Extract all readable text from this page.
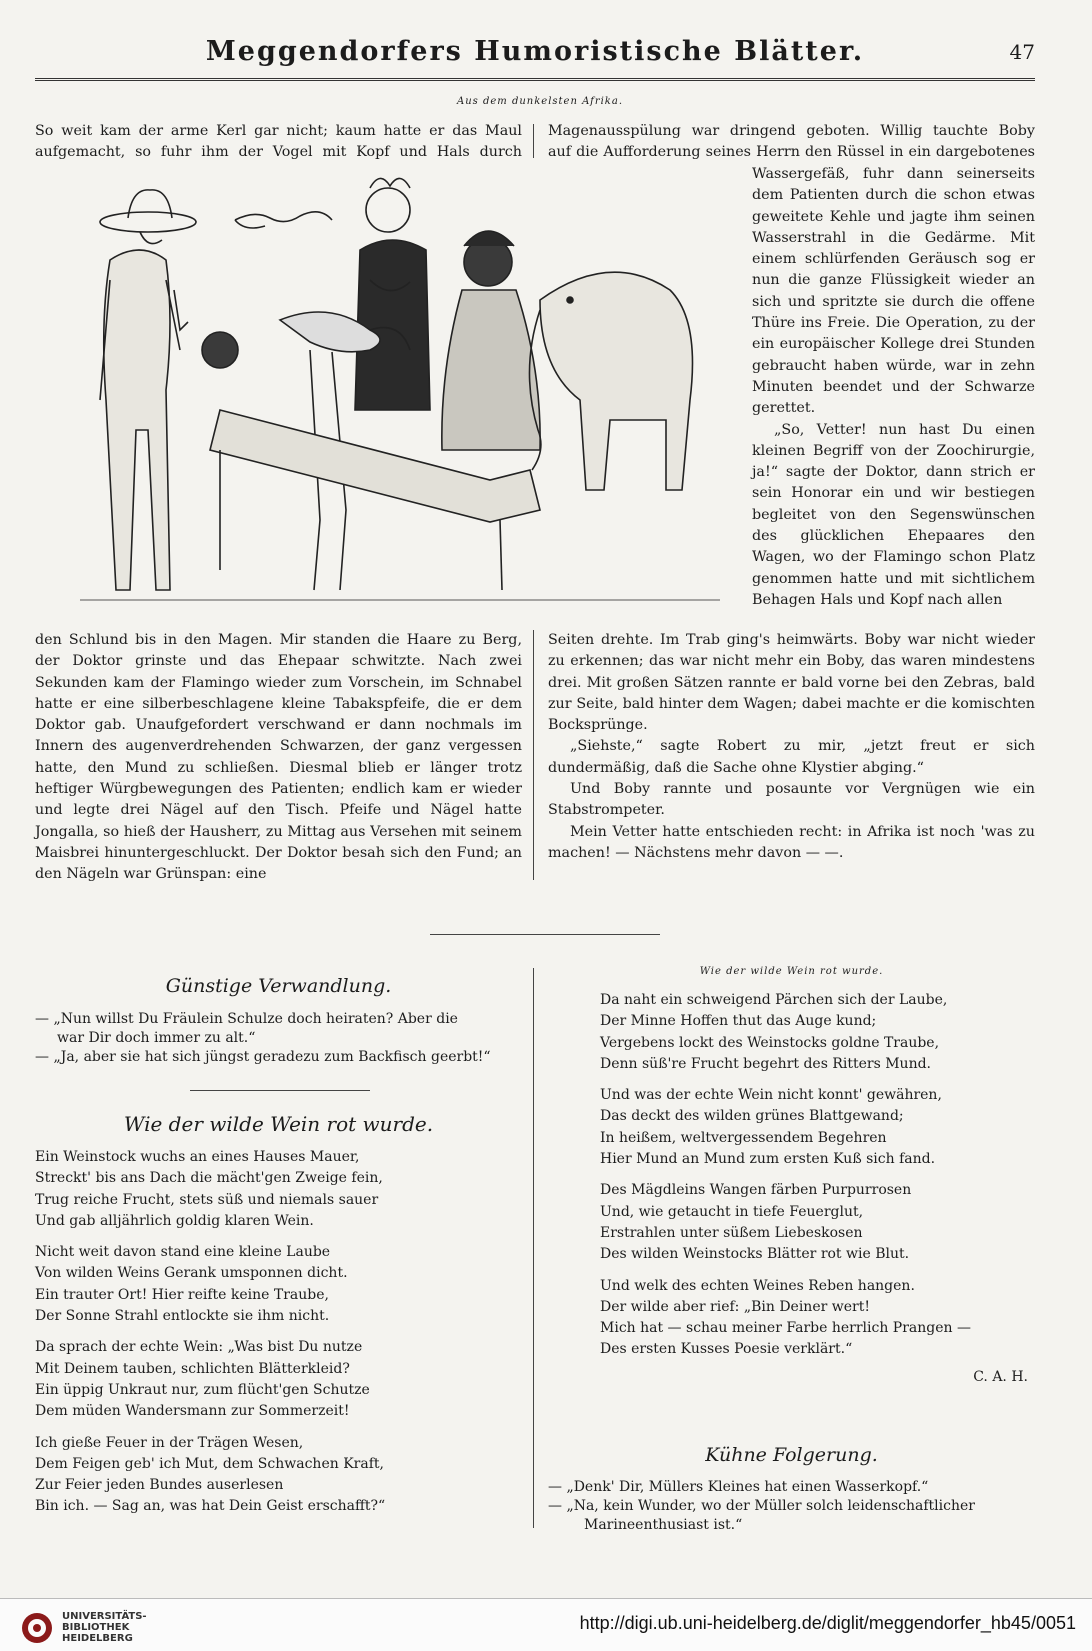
Meggendorfers Humoristische Blätter.	47
Aus dem dunkelsten Afrika.

So weit kam der arme Kerl gar nicht; kaum hatte er das Maul

aufgemacht, so fuhr ihm der Vogel mit Kopf und Hals durch

Magenausspülung war dringend geboten. Willig tauchte Boby

auf die Aufforderung seines Herrn den Rüssel in ein dargebotenes

Wassergefäß, fuhr dann seinerseits dem Patienten durch die schon etwas geweitete Kehle und jagte ihm seinen Wasserstrahl in die Gedärme. Mit einem schlürfenden Geräusch sog er nun die ganze Flüssigkeit wieder an sich und spritzte sie durch die offene Thüre ins Freie. Die Operation, zu der ein europäischer Kollege drei Stunden gebraucht haben würde, war in zehn Minuten beendet und der Schwarze gerettet.

„So, Vetter! nun hast Du einen kleinen Begriff von der Zoochirurgie, ja!“ sagte der Doktor, dann strich er sein Honorar ein und wir bestiegen begleitet von den Segenswünschen des glücklichen Ehepaares den Wagen, wo der Flamingo schon Platz genommen hatte und mit sichtlichem Behagen Hals und Kopf nach allen

den Schlund bis in den Magen. Mir standen die Haare zu Berg, der Doktor grinste und das Ehepaar schwitzte. Nach zwei Sekunden kam der Flamingo wieder zum Vorschein, im Schnabel hatte er eine silberbeschlagene kleine Tabakspfeife, die er dem Doktor gab. Unaufgefordert verschwand er dann nochmals im Innern des augenverdrehenden Schwarzen, der ganz vergessen hatte, den Mund zu schließen. Diesmal blieb er länger trotz heftiger Würgbewegungen des Patienten; endlich kam er wieder und legte drei Nägel auf den Tisch. Pfeife und Nägel hatte Jongalla, so hieß der Hausherr, zu Mittag aus Versehen mit seinem Maisbrei hinuntergeschluckt. Der Doktor besah sich den Fund; an den Nägeln war Grünspan: eine

Seiten drehte. Im Trab ging's heimwärts. Boby war nicht wieder zu erkennen; das war nicht mehr ein Boby, das waren mindestens drei. Mit großen Sätzen rannte er bald vorne bei den Zebras, bald zur Seite, bald hinter dem Wagen; dabei machte er die komischten Bocksprünge.

„Siehste,“ sagte Robert zu mir, „jetzt freut er sich dundermäßig, daß die Sache ohne Klystier abging.“

Und Boby rannte und posaunte vor Vergnügen wie ein Stabstrompeter.

Mein Vetter hatte entschieden recht: in Afrika ist noch 'was zu machen! — Nächstens mehr davon — —.

Günstige Verwandlung.
— „Nun willst Du Fräulein Schulze doch heiraten? Aber die
war Dir doch immer zu alt.“
— „Ja, aber sie hat sich jüngst geradezu zum Backfisch geerbt!“
Wie der wilde Wein rot wurde.
Ein Weinstock wuchs an eines Hauses Mauer,
Streckt' bis ans Dach die mächt'gen Zweige fein,
Trug reiche Frucht, stets süß und niemals sauer
Und gab alljährlich goldig klaren Wein.
Nicht weit davon stand eine kleine Laube
Von wilden Weins Gerank umsponnen dicht.
Ein trauter Ort! Hier reifte keine Traube,
Der Sonne Strahl entlockte sie ihm nicht.
Da sprach der echte Wein: „Was bist Du nutze
Mit Deinem tauben, schlichten Blätterkleid?
Ein üppig Unkraut nur, zum flücht'gen Schutze
Dem müden Wandersmann zur Sommerzeit!
Ich gieße Feuer in der Trägen Wesen,
Dem Feigen geb' ich Mut, dem Schwachen Kraft,
Zur Feier jeden Bundes auserlesen
Bin ich. — Sag an, was hat Dein Geist erschafft?“
Wie der wilde Wein rot wurde.
Da naht ein schweigend Pärchen sich der Laube,
Der Minne Hoffen thut das Auge kund;
Vergebens lockt des Weinstocks goldne Traube,
Denn süß're Frucht begehrt des Ritters Mund.
Und was der echte Wein nicht konnt' gewähren,
Das deckt des wilden grünes Blattgewand;
In heißem, weltvergessendem Begehren
Hier Mund an Mund zum ersten Kuß sich fand.
Des Mägdleins Wangen färben Purpurrosen
Und, wie getaucht in tiefe Feuerglut,
Erstrahlen unter süßem Liebeskosen
Des wilden Weinstocks Blätter rot wie Blut.
Und welk des echten Weines Reben hangen.
Der wilde aber rief: „Bin Deiner wert!
Mich hat — schau meiner Farbe herrlich Prangen —
Des ersten Kusses Poesie verklärt.“
C. A. H.
Kühne Folgerung.
— „Denk' Dir, Müllers Kleines hat einen Wasserkopf.“
— „Na, kein Wunder, wo der Müller solch leidenschaftlicher
Marineenthusiast ist.“
UNIVERSITÄTS-
BIBLIOTHEK
HEIDELBERG
http://digi.ub.uni-heidelberg.de/diglit/meggendorfer_hb45/0051
